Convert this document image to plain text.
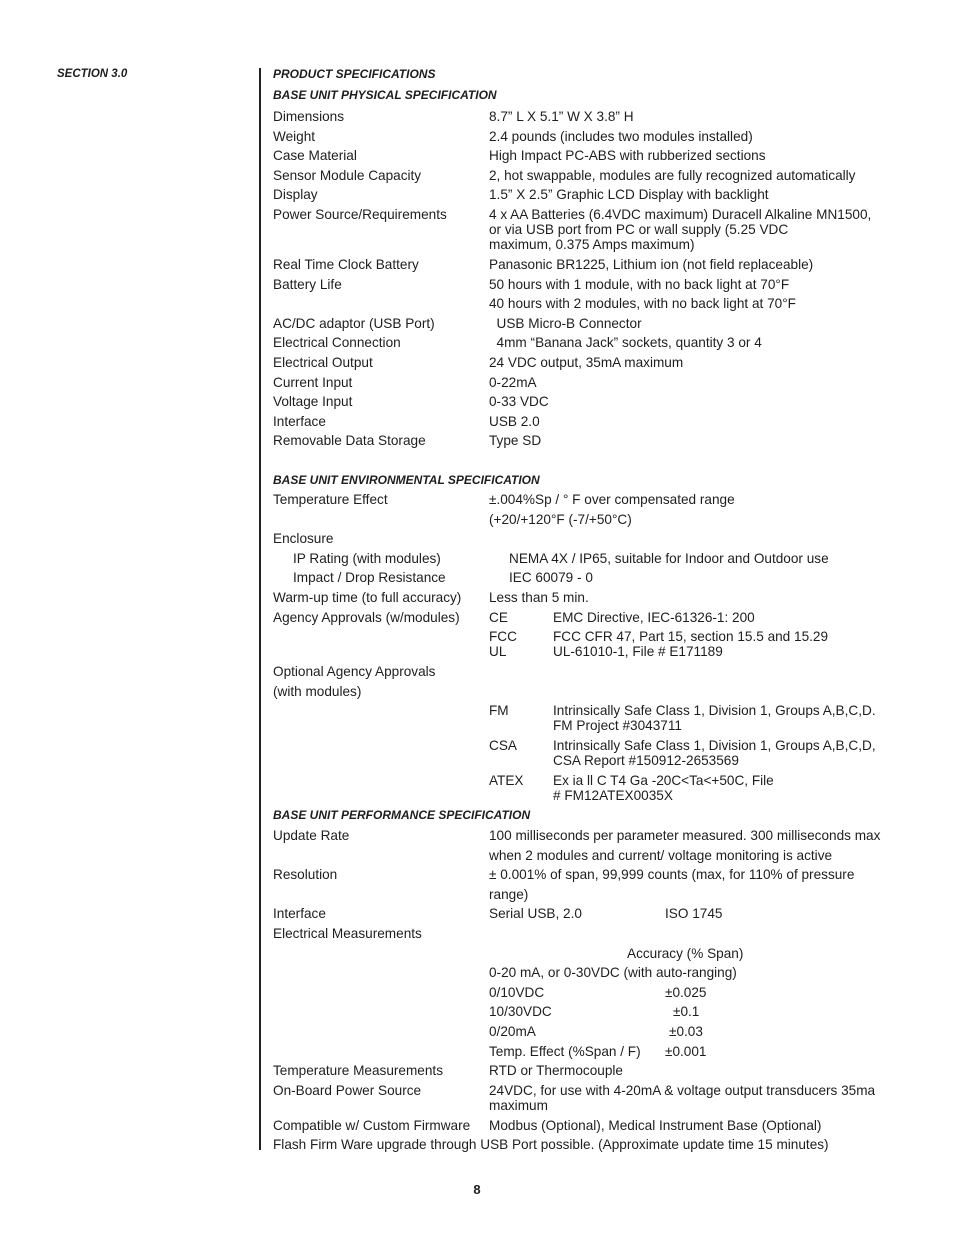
SECTION 3.0	PRODUCT SPECIFICATIONS
BASE UNIT PHYSICAL SPECIFICATION
Dimensions	8.7” L X 5.1” W X 3.8” H
Weight	2.4 pounds (includes two modules installed)
Case Material	High Impact PC-ABS with rubberized sections
Sensor Module Capacity	2, hot swappable, modules are fully recognized automatically
Display	1.5” X 2.5” Graphic LCD Display with backlight
Power Source/Requirements	4 x AA Batteries (6.4VDC maximum) Duracell Alkaline MN1500,
or via USB port from PC or wall supply (5.25 VDC
maximum, 0.375 Amps maximum)
Real Time Clock Battery	Panasonic BR1225, Lithium ion (not field replaceable)
Battery Life	50 hours with 1 module, with no back light at 70°F
40 hours with 2 modules, with no back light at 70°F
AC/DC adaptor (USB Port)	USB Micro-B Connector
Electrical Connection	4mm “Banana Jack” sockets, quantity 3 or 4
Electrical Output	24 VDC output, 35mA maximum
Current Input	0-22mA
Voltage Input	0-33 VDC
Interface	USB 2.0
Removable Data Storage	Type SD
BASE UNIT ENVIRONMENTAL SPECIFICATION
Temperature Effect	±.004%Sp / ° F over compensated range
(+20/+120°F (-7/+50°C)
Enclosure
IP Rating (with modules)	NEMA 4X / IP65, suitable for Indoor and Outdoor use
Impact / Drop Resistance	IEC 60079 - 0
Warm-up time (to full accuracy)	Less than 5 min.
Agency Approvals (w/modules)	CE	EMC Directive, IEC-61326-1: 200
FCC	FCC CFR 47, Part 15, section 15.5 and 15.29
UL	UL-61010-1, File # E171189
Optional Agency Approvals
(with modules)
FM	Intrinsically Safe Class 1, Division 1, Groups A,B,C,D.
FM Project #3043711
CSA	Intrinsically Safe Class 1, Division 1, Groups A,B,C,D,
CSA Report #150912-2653569
ATEX	Ex ia ll C T4 Ga -20C<Ta<+50C, File
# FM12ATEX0035X
BASE UNIT PERFORMANCE SPECIFICATION
Update Rate	100 milliseconds per parameter measured. 300 milliseconds max
when 2 modules and current/ voltage monitoring is active
Resolution	± 0.001% of span, 99,999 counts (max, for 110% of pressure
range)
Interface	Serial USB, 2.0	ISO 1745
Electrical Measurements
Accuracy (% Span)
0-20 mA, or 0-30VDC (with auto-ranging)
0/10VDC	±0.025
10/30VDC	±0.1
0/20mA	±0.03
Temp. Effect (%Span / F) ±0.001
Temperature Measurements	RTD or Thermocouple
On-Board Power Source	24VDC, for use with 4-20mA & voltage output transducers 35ma
maximum
Compatible w/ Custom Firmware	Modbus (Optional), Medical Instrument Base (Optional)
Flash Firm Ware upgrade through USB Port possible. (Approximate update time 15 minutes)
8
